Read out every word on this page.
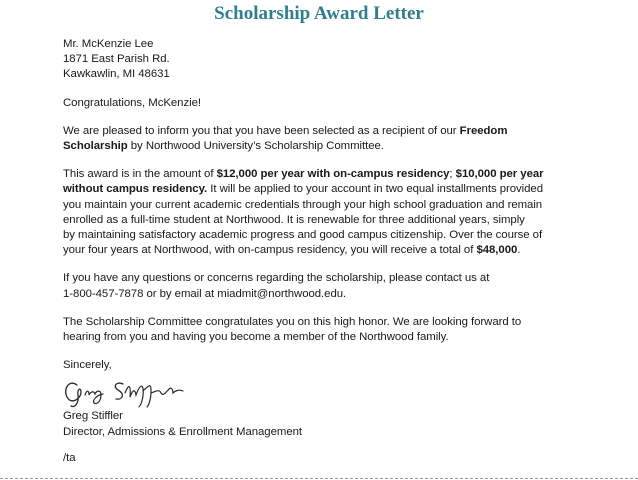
Scholarship Award Letter
Mr. McKenzie Lee
1871 East Parish Rd.
Kawkawlin, MI 48631
Congratulations, McKenzie!
We are pleased to inform you that you have been selected as a recipient of our Freedom
Scholarship by Northwood University’s Scholarship Committee.
This award is in the amount of $12,000 per year with on-campus residency; $10,000 per year
without campus residency. It will be applied to your account in two equal installments provided
you maintain your current academic credentials through your high school graduation and remain
enrolled as a full-time student at Northwood. It is renewable for three additional years, simply
by maintaining satisfactory academic progress and good campus citizenship. Over the course of
your four years at Northwood, with on-campus residency, you will receive a total of $48,000.
If you have any questions or concerns regarding the scholarship, please contact us at
1-800-457-7878 or by email at miadmit@northwood.edu.
The Scholarship Committee congratulates you on this high honor. We are looking forward to
hearing from you and having you become a member of the Northwood family.
Sincerely,
Greg Stiffler
Director, Admissions & Enrollment Management
/ta
